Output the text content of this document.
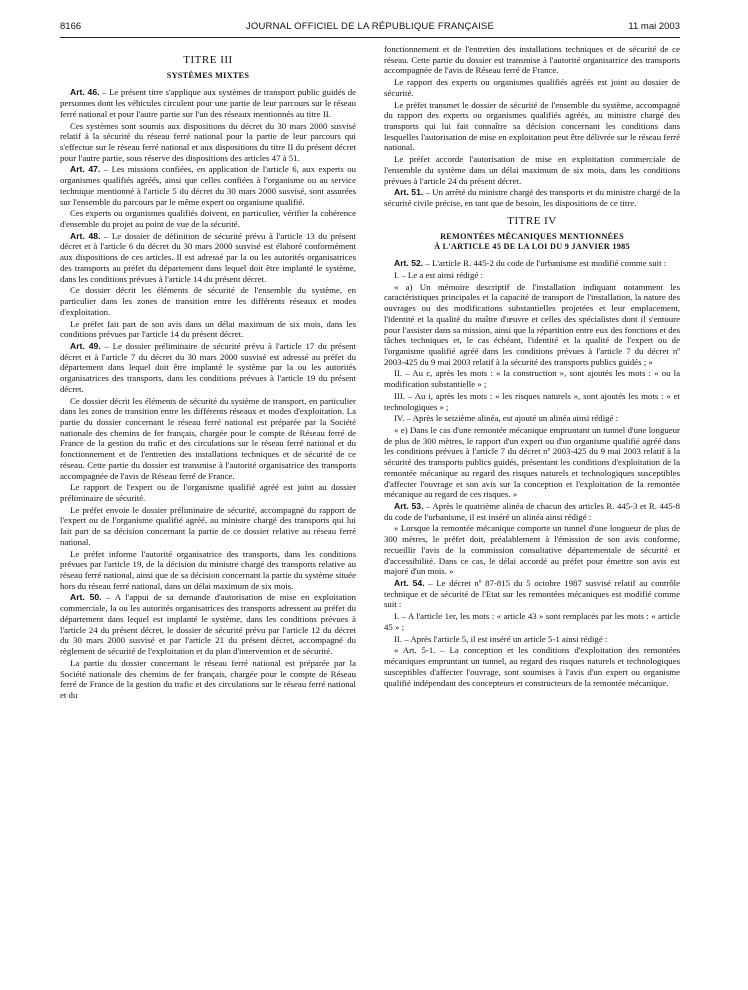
8166	JOURNAL OFFICIEL DE LA RÉPUBLIQUE FRANÇAISE	11 mai 2003
TITRE III
SYSTÈMES MIXTES

Art. 46. – Le présent titre s'applique aux systèmes de transport public guidés de personnes dont les véhicules circulent pour une partie de leur parcours sur le réseau ferré national et pour l'autre partie sur l'un des réseaux mentionnés au titre II.

Ces systèmes sont soumis aux dispositions du décret du 30 mars 2000 susvisé relatif à la sécurité du réseau ferré national pour la partie de leur parcours qui s'effectue sur le réseau ferré national et aux dispositions du titre II du présent décret pour l'autre partie, sous réserve des dispositions des articles 47 à 51.

Art. 47. – Les missions confiées, en application de l'article 6, aux experts ou organismes qualifiés agréés, ainsi que celles confiées à l'organisme ou au service technique mentionné à l'article 5 du décret du 30 mars 2000 susvisé, sont assurées sur l'ensemble du parcours par le même expert ou organisme qualifié.

Ces experts ou organismes qualifiés doivent, en particulier, vérifier la cohérence d'ensemble du projet au point de vue de la sécurité.

Art. 48. – Le dossier de définition de sécurité prévu à l'article 13 du présent décret et à l'article 6 du décret du 30 mars 2000 susvisé est élaboré conformément aux dispositions de ces articles. Il est adressé par la ou les autorités organisatrices des transports au préfet du département dans lequel doit être implanté le système, dans les conditions prévues à l'article 14 du présent décret.

Ce dossier décrit les éléments de sécurité de l'ensemble du système, en particulier dans les zones de transition entre les différents réseaux et modes d'exploitation.

Le préfet fait part de son avis dans un délai maximum de six mois, dans les conditions prévues par l'article 14 du présent décret.

Art. 49. – Le dossier préliminaire de sécurité prévu à l'article 17 du présent décret et à l'article 7 du décret du 30 mars 2000 susvisé est adressé au préfet du département dans lequel doit être implanté le système par la ou les autorités organisatrices des transports, dans les conditions prévues à l'article 19 du présent décret.

Ce dossier décrit les éléments de sécurité du système de transport, en particulier dans les zones de transition entre les différents réseaux et modes d'exploitation. La partie du dossier concernant le réseau ferré national est préparée par la Société nationale des chemins de fer français, chargée pour le compte de Réseau ferré de France de la gestion du trafic et des circulations sur le réseau ferré national et du fonctionnement et de l'entretien des installations techniques et de sécurité de ce réseau. Cette partie du dossier est transmise à l'autorité organisatrice des transports accompagnée de l'avis de Réseau ferré de France.

Le rapport de l'expert ou de l'organisme qualifié agréé est joint au dossier préliminaire de sécurité.

Le préfet envoie le dossier préliminaire de sécurité, accompagné du rapport de l'expert ou de l'organisme qualifié agréé, au ministre chargé des transports qui lui fait part de sa décision concernant la partie de ce dossier relative au réseau ferré national.

Le préfet informe l'autorité organisatrice des transports, dans les conditions prévues par l'article 19, de la décision du ministre chargé des transports relative au réseau ferré national, ainsi que de sa décision concernant la partie du système située hors du réseau ferré national, dans un délai maximum de six mois.

Art. 50. – A l'appui de sa demande d'autorisation de mise en exploitation commerciale, la ou les autorités organisatrices des transports adressent au préfet du département dans lequel est implanté le système, dans les conditions prévues à l'article 24 du présent décret, le dossier de sécurité prévu par l'article 12 du décret du 30 mars 2000 susvisé et par l'article 21 du présent décret, accompagné du règlement de sécurité de l'exploitation et du plan d'intervention et de sécurité.

La partie du dossier concernant le réseau ferré national est préparée par la Société nationale des chemins de fer français, chargée pour le compte de Réseau ferré de France de la gestion du trafic et des circulations sur le réseau ferré national et du

fonctionnement et de l'entretien des installations techniques et de sécurité de ce réseau. Cette partie du dossier est transmise à l'autorité organisatrice des transports accompagnée de l'avis de Réseau ferré de France.

Le rapport des experts ou organismes qualifiés agréés est joint au dossier de sécurité.

Le préfet transmet le dossier de sécurité de l'ensemble du système, accompagné du rapport des experts ou organismes qualifiés agréés, au ministre chargé des transports qui lui fait connaître sa décision concernant les conditions dans lesquelles l'autorisation de mise en exploitation peut être délivrée sur le réseau ferré national.

Le préfet accorde l'autorisation de mise en exploitation commerciale de l'ensemble du système dans un délai maximum de six mois, dans les conditions prévues à l'article 24 du présent décret.

Art. 51. – Un arrêté du ministre chargé des transports et du ministre chargé de la sécurité civile précise, en tant que de besoin, les dispositions de ce titre.

TITRE IV
REMONTÉES MÉCANIQUES MENTIONNÉES
À L'ARTICLE 45 DE LA LOI DU 9 JANVIER 1985

Art. 52. – L'article R. 445-2 du code de l'urbanisme est modifié comme suit :

I. – Le a est ainsi rédigé :

« a) Un mémoire descriptif de l'installation indiquant notamment les caractéristiques principales et la capacité de transport de l'installation, la nature des ouvrages ou des modifications substantielles projetées et leur emplacement, l'identité et la qualité du maître d'œuvre et celles des spécialistes dont il s'entoure pour l'assister dans sa mission, ainsi que la répartition entre eux des fonctions et des tâches techniques et, le cas échéant, l'identité et la qualité de l'expert ou de l'organisme qualifié agréé dans les conditions prévues à l'article 7 du décret nº 2003-425 du 9 mai 2003 relatif à la sécurité des transports publics guidés ; »

II. – Au c, après les mots : « la construction », sont ajoutés les mots : « ou la modification substantielle » ;

III. – Au i, après les mots : « les risques naturels », sont ajoutés les mots : « et technologiques » ;

IV. – Après le seizième alinéa, est ajouté un alinéa ainsi rédigé :

« e) Dans le cas d'une remontée mécanique empruntant un tunnel d'une longueur de plus de 300 mètres, le rapport d'un expert ou d'un organisme qualifié agréé dans les conditions prévues à l'article 7 du décret nº 2003-425 du 9 mai 2003 relatif à la sécurité des transports publics guidés, présentant les conditions d'exploitation de la remontée mécanique au regard des risques naturels et technologiques susceptibles d'affecter l'ouvrage et son avis sur la conception et l'exploitation de la remontée mécanique au regard de ces risques. »

Art. 53. – Après le quatrième alinéa de chacun des articles R. 445-3 et R. 445-8 du code de l'urbanisme, il est inséré un alinéa ainsi rédigé :

« Lorsque la remontée mécanique comporte un tunnel d'une longueur de plus de 300 mètres, le préfet doit, préalablement à l'émission de son avis conforme, recueillir l'avis de la commission consultative départementale de sécurité et d'accessibilité. Dans ce cas, le délai accordé au préfet pour émettre son avis est majoré d'un mois. »

Art. 54. – Le décret nº 87-815 du 5 octobre 1987 susvisé relatif au contrôle technique et de sécurité de l'Etat sur les remontées mécaniques est modifié comme suit :

I. – A l'article 1er, les mots : « article 43 » sont remplacés par les mots : « article 45 » ;

II. – Après l'article 5, il est inséré un article 5-1 ainsi rédigé :

« Art. 5-1. – La conception et les conditions d'exploitation des remontées mécaniques empruntant un tunnel, au regard des risques naturels et technologiques susceptibles d'affecter l'ouvrage, sont soumises à l'avis d'un expert ou organisme qualifié indépendant des concepteurs et constructeurs de la remontée mécanique.
